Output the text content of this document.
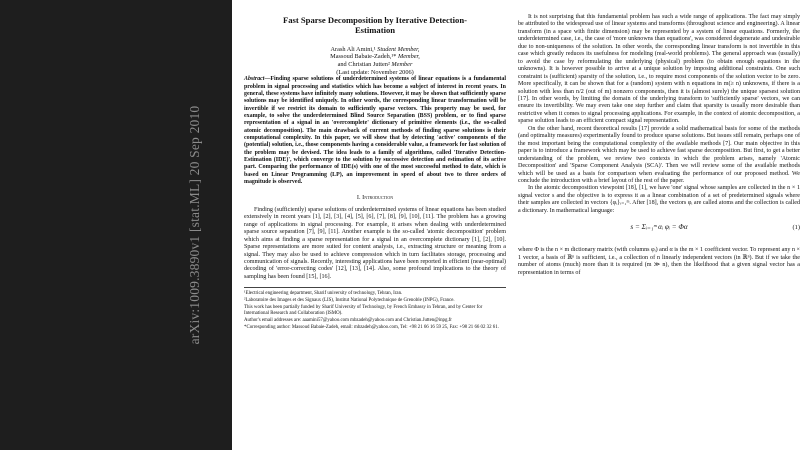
arXiv:1009.3890v1 [stat.ML] 20 Sep 2010
Fast Sparse Decomposition by Iterative Detection-Estimation
Arash Ali Amini,¹ Student Member,
Massoud Babaie-Zadeh,¹* Member,
and Christian Jutten² Member
(Last update: November 2006)

Abstract—Finding sparse solutions of underdetermined systems of linear equations is a fundamental problem in signal processing and statistics which has become a subject of interest in recent years. In general, these systems have infinitely many solutions. However, it may be shown that sufficiently sparse solutions may be identified uniquely. In other words, the corresponding linear transformation will be invertible if we restrict its domain to sufficiently sparse vectors. This property may be used, for example, to solve the underdetermined Blind Source Separation (BSS) problem, or to find sparse representation of a signal in an 'overcomplete' dictionary of primitive elements (i.e., the so-called atomic decomposition). The main drawback of current methods of finding sparse solutions is their computational complexity. In this paper, we will show that by detecting 'active' components of the (potential) solution, i.e., those components having a considerable value, a framework for fast solution of the problem may be devised. The idea leads to a family of algorithms, called 'Iterative Detection-Estimation (IDE)', which converge to the solution by successive detection and estimation of its active part. Comparing the performance of IDE(s) with one of the most successful method to date, which is based on Linear Programming (LP), an improvement in speed of about two to three orders of magnitude is observed.

I. Introduction

Finding (sufficiently) sparse solutions of underdetermined systems of linear equations has been studied extensively in recent years [1], [2], [3], [4], [5], [6], [7], [8], [9], [10], [11]. The problem has a growing range of applications in signal processing. For example, it arises when dealing with underdetermined sparse source separation [7], [9], [11]. Another example is the so-called 'atomic decomposition' problem which aims at finding a sparse representation for a signal in an overcomplete dictionary [1], [2], [10]. Sparse representations are more suited for content analysis, i.e., extracting structure or meaning from a signal. They may also be used to achieve compression which in turn facilitates storage, processing and communication of signals. Recently, interesting applications have been reported in efficient (near-optimal) decoding of 'error-correcting codes' [12], [13], [14]. Also, some profound implications to the theory of sampling has been found [15], [16].

¹Electrical engineering department, Sharif university of technology, Tehran, Iran.

²Laboratoire des Images et des Signaux (LIS), Institut National Polytechnique de Grenoble (INPG), France.

This work has been partially funded by Sharif University of Technology, by French Embassy in Tehran, and by Center for International Research and Collaboration (ISMO).

Author's email addresses are: aaamini57@yahoo.com mbzadeh@yahoo.com and Christian.Jutten@inpg.fr

*Corresponding author: Massoud Babaie-Zadeh, email: mbzadeh@yahoo.com, Tel: +98 21 66 16 59 25, Fax: +98 21 66 02 32 61.

It is not surprising that this fundamental problem has such a wide range of applications. The fact may simply be attributed to the widespread use of linear systems and transforms (throughout science and engineering). A linear transform (in a space with finite dimension) may be represented by a system of linear equations. Formerly, the underdetermined case, i.e., the case of 'more unknowns than equations', was considered degenerate and undesirable due to non-uniqueness of the solution. In other words, the corresponding linear transform is not invertible in this case which greatly reduces its usefulness for modeling (real-world problems). The general approach was (usually) to avoid the case by reformulating the underlying (physical) problem (to obtain enough equations in the unknowns). It is however possible to arrive at a unique solution by imposing additional constraints. One such constraint is (sufficient) sparsity of the solution, i.e., to require most components of the solution vector to be zero. More specifically, it can be shown that for a (random) system with n equations in m(≥ n) unknowns, if there is a solution with less than n/2 (out of m) nonzero components, then it is (almost surely) the unique sparsest solution [17]. In other words, by limiting the domain of the underlying transform to 'sufficiently sparse' vectors, we can ensure its invertibility. We may even take one step further and claim that sparsity is usually more desirable than restrictive when it comes to signal processing applications. For example, in the context of atomic decomposition, a sparse solution leads to an efficient compact signal representation.

On the other hand, recent theoretical results [17] provide a solid mathematical basis for some of the methods (and optimality measures) experimentally found to produce sparse solutions. But issues still remain, perhaps one of the most important being the computational complexity of the available methods [7]. Our main objective in this paper is to introduce a framework which may be used to achieve fast sparse decomposition. But first, to get a better understanding of the problem, we review two contexts in which the problem arises, namely 'Atomic Decomposition' and 'Sparse Component Analysis (SCA)'. Then we will review some of the available methods which will be used as a basis for comparison when evaluating the performance of our proposed method. We conclude the introduction with a brief layout of the rest of the paper.

In the atomic decomposition viewpoint [18], [1], we have 'one' signal whose samples are collected in the n × 1 signal vector s and the objective is to express it as a linear combination of a set of predetermined signals where their samples are collected in vectors {φᵢ}ᵢ₌₁ᵐ. After [18], the vectors φᵢ are called atoms and the collection is called a dictionary. In mathematical language:

s = Σᵢ₌₁ᵐ αᵢ φᵢ = Φα	(1)

where Φ is the n × m dictionary matrix (with columns φᵢ) and α is the m × 1 coefficient vector. To represent any n × 1 vector, a basis of ℝⁿ is sufficient, i.e., a collection of n linearly independent vectors (in ℝⁿ). But if we take the number of atoms (much) more than it is required (m ≫ n), then the likelihood that a given signal vector has a representation in terms of
